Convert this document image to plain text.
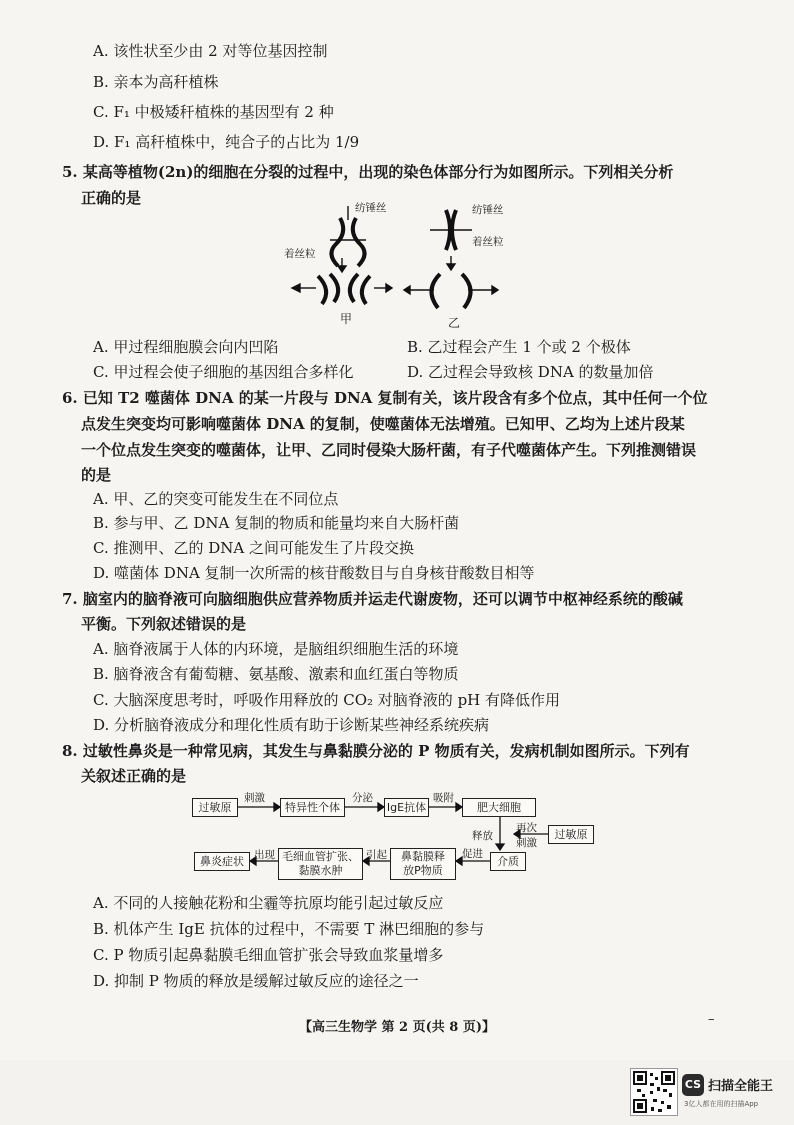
A. 该性状至少由 2 对等位基因控制
B. 亲本为高秆植株
C. F₁ 中极矮秆植株的基因型有 2 种
D. F₁ 高秆植株中，纯合子的占比为 1/9
5. 某高等植物(2n)的细胞在分裂的过程中，出现的染色体部分行为如图所示。下列相关分析
正确的是
纺锤丝	纺锤丝
着丝粒
着丝粒
甲	乙
A. 甲过程细胞膜会向内凹陷	B. 乙过程会产生 1 个或 2 个极体
C. 甲过程会使子细胞的基因组合多样化	D. 乙过程会导致核 DNA 的数量加倍
6. 已知 T2 噬菌体 DNA 的某一片段与 DNA 复制有关，该片段含有多个位点，其中任何一个位
点发生突变均可影响噬菌体 DNA 的复制，使噬菌体无法增殖。已知甲、乙均为上述片段某
一个位点发生突变的噬菌体，让甲、乙同时侵染大肠杆菌，有子代噬菌体产生。下列推测错误
的是
A. 甲、乙的突变可能发生在不同位点
B. 参与甲、乙 DNA 复制的物质和能量均来自大肠杆菌
C. 推测甲、乙的 DNA 之间可能发生了片段交换
D. 噬菌体 DNA 复制一次所需的核苷酸数目与自身核苷酸数目相等
7. 脑室内的脑脊液可向脑细胞供应营养物质并运走代谢废物，还可以调节中枢神经系统的酸碱
平衡。下列叙述错误的是
A. 脑脊液属于人体的内环境，是脑组织细胞生活的环境
B. 脑脊液含有葡萄糖、氨基酸、激素和血红蛋白等物质
C. 大脑深度思考时，呼吸作用释放的 CO₂ 对脑脊液的 pH 有降低作用
D. 分析脑脊液成分和理化性质有助于诊断某些神经系统疾病
8. 过敏性鼻炎是一种常见病，其发生与鼻黏膜分泌的 P 物质有关，发病机制如图所示。下列有
关叙述正确的是
过敏原
刺激
特异性个体
分泌
IgE抗体
吸附
肥大细胞
释放
再次
刺激
过敏原
介质
促进
鼻黏膜释
放P物质
引起
毛细血管扩张、
黏膜水肿
出现
鼻炎症状
A. 不同的人接触花粉和尘霾等抗原均能引起过敏反应
B. 机体产生 IgE 抗体的过程中，不需要 T 淋巴细胞的参与
C. P 物质引起鼻黏膜毛细血管扩张会导致血浆量增多
D. 抑制 P 物质的释放是缓解过敏反应的途径之一
【高三生物学 第 2 页(共 8 页)】
–
CS 扫描全能王
3亿人都在用的扫描App
